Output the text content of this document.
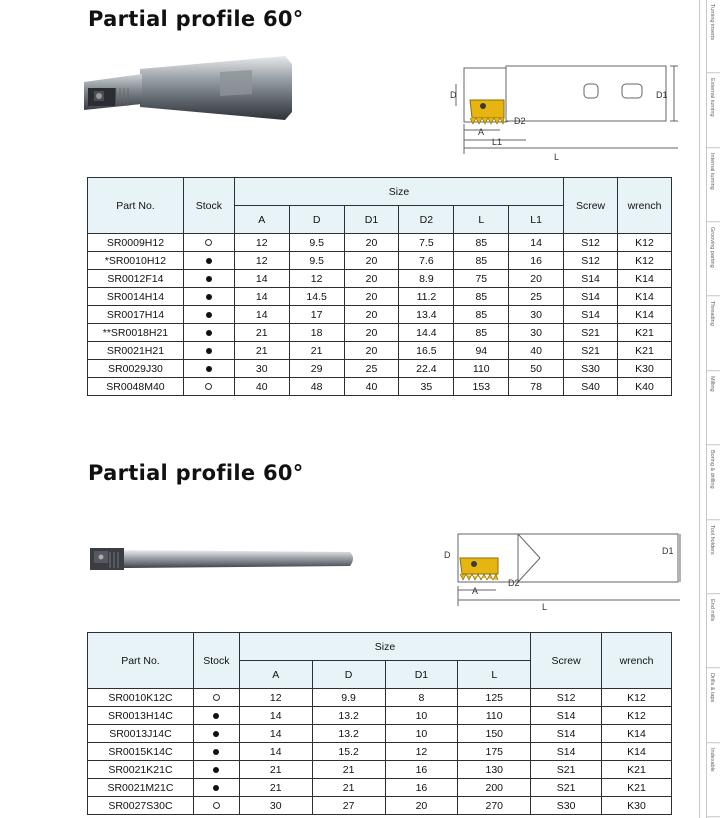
Partial profile 60°
D	D1
D2
A
L1
L
Part No.	Stock	Size						Screw	wrench
		A	D	D1	D2	L	L1		
SR0009H12		12	9.5	20	7.5	85	14	S12	K12
*SR0010H12		12	9.5	20	7.6	85	16	S12	K12
SR0012F14		14	12	20	8.9	75	20	S14	K14
SR0014H14		14	14.5	20	11.2	85	25	S14	K14
SR0017H14		14	17	20	13.4	85	30	S14	K14
**SR0018H21		21	18	20	14.4	85	30	S21	K21
SR0021H21		21	21	20	16.5	94	40	S21	K21
SR0029J30		30	29	25	22.4	110	50	S30	K30
SR0048M40		40	48	40	35	153	78	S40	K40
Partial profile 60°
D	D1
D2
A
L
Part No.	Stock	Size				Screw	wrench
		A	D	D1	L		
SR0010K12C		12	9.9	8	125	S12	K12
SR0013H14C		14	13.2	10	110	S14	K12
SR0013J14C		14	13.2	10	150	S14	K14
SR0015K14C		14	15.2	12	175	S14	K14
SR0021K21C		21	21	16	130	S21	K21
SR0021M21C		21	21	16	200	S21	K21
SR0027S30C		30	27	20	270	S30	K30
Turning inserts
External turning
Internal turning
Grooving parting
Threading
Milling
Boring & drilling
Tool holders
End mills
Drills & taps
Indexable
